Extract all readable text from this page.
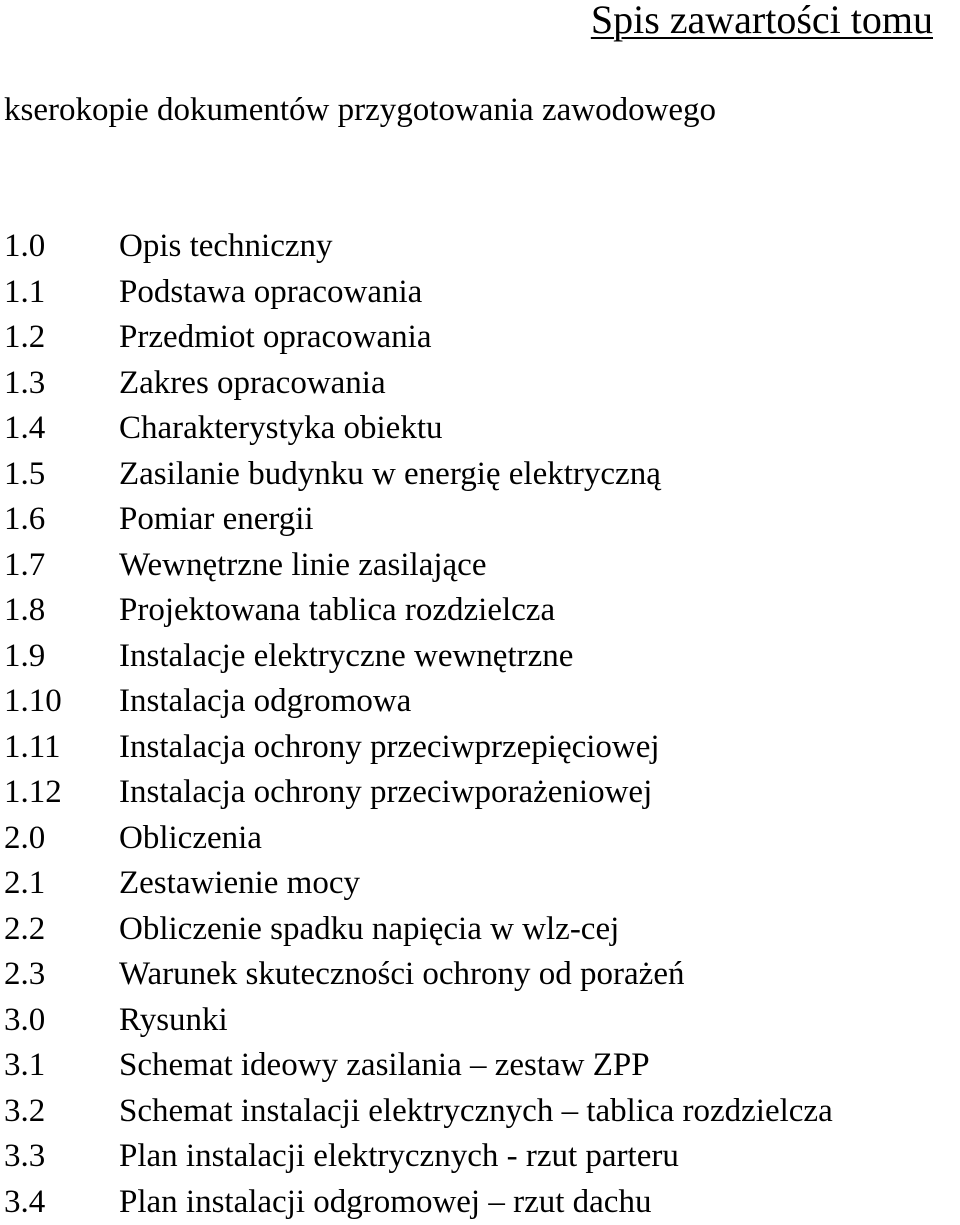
Spis zawartości tomu
kserokopie dokumentów przygotowania zawodowego
1.0	Opis techniczny
1.1	Podstawa opracowania
1.2	Przedmiot opracowania
1.3	Zakres opracowania
1.4	Charakterystyka obiektu
1.5	Zasilanie budynku w energię elektryczną
1.6	Pomiar energii
1.7	Wewnętrzne linie zasilające
1.8	Projektowana tablica rozdzielcza
1.9	Instalacje elektryczne wewnętrzne
1.10	Instalacja odgromowa
1.11	Instalacja ochrony przeciwprzepięciowej
1.12	Instalacja ochrony przeciwporażeniowej
2.0	Obliczenia
2.1	Zestawienie mocy
2.2	Obliczenie spadku napięcia w wlz-cej
2.3	Warunek skuteczności ochrony od porażeń
3.0	Rysunki
3.1	Schemat ideowy zasilania – zestaw ZPP
3.2	Schemat instalacji elektrycznych – tablica rozdzielcza
3.3	Plan instalacji elektrycznych - rzut parteru
3.4	Plan instalacji odgromowej – rzut dachu
